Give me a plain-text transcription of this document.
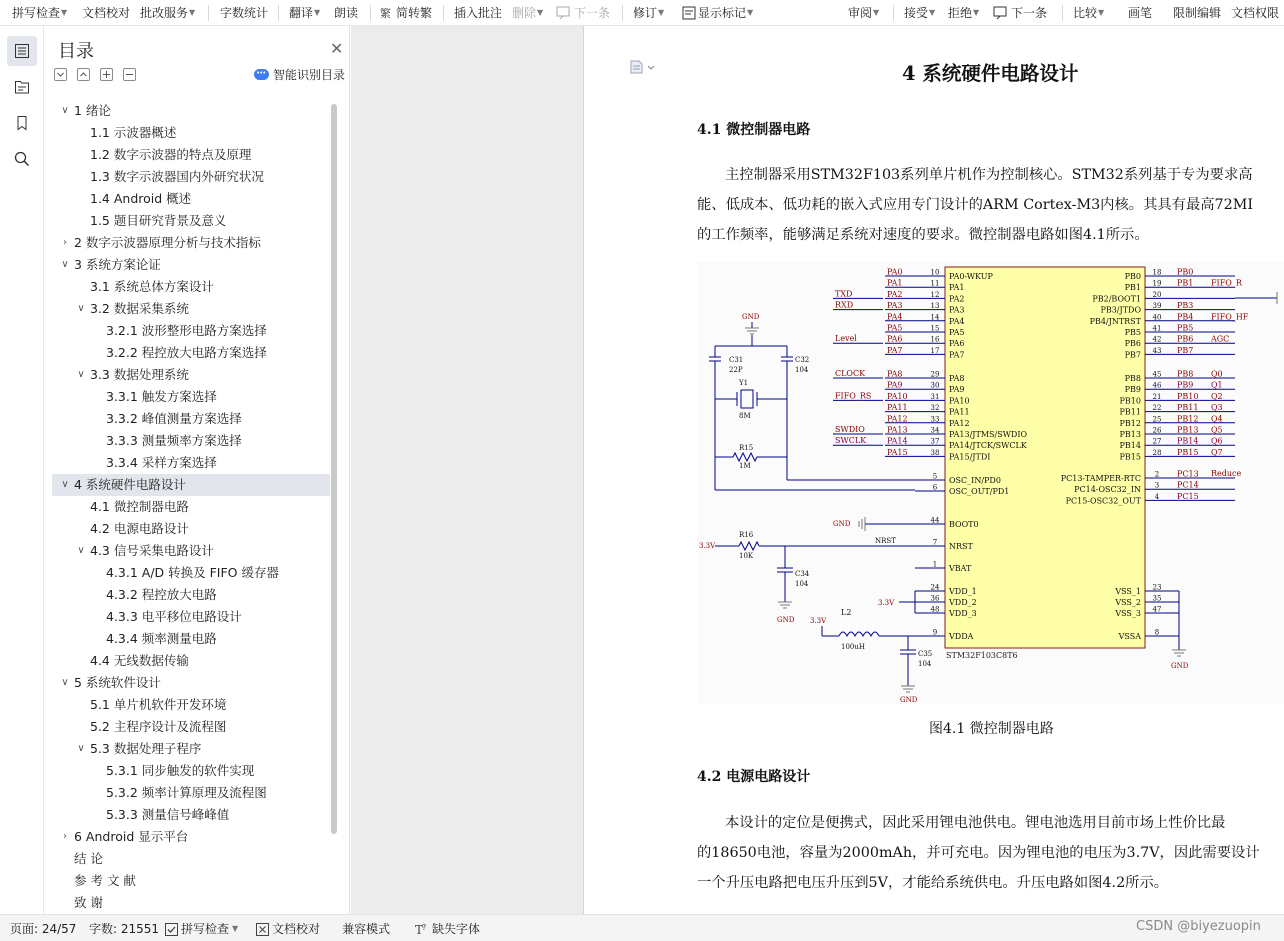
拼写检查▼ 文档校对 批改服务▼ 字数统计 翻译▼ 朗读 繁 简转繁 插入批注 删除▼	下一条 修订▼	显示标记▼	审阅▼ 接受▼ 拒绝▼	下一条 比较▼ 画笔 限制编辑 文档权限
目录	✕
•••智能识别目录
∨ 1 绪论
1.1 示波器概述
1.2 数字示波器的特点及原理
1.3 数字示波器国内外研究状况
1.4 Android 概述
1.5 题目研究背景及意义
› 2 数字示波器原理分析与技术指标
∨ 3 系统方案论证
3.1 系统总体方案设计
∨ 3.2 数据采集系统
3.2.1 波形整形电路方案选择
3.2.2 程控放大电路方案选择
∨ 3.3 数据处理系统
3.3.1 触发方案选择
3.3.2 峰值测量方案选择
3.3.3 测量频率方案选择
3.3.4 采样方案选择
∨ 4 系统硬件电路设计
4.1 微控制器电路
4.2 电源电路设计
∨ 4.3 信号采集电路设计
4.3.1 A/D 转换及 FIFO 缓存器
4.3.2 程控放大电路
4.3.3 电平移位电路设计
4.3.4 频率测量电路
4.4 无线数据传输
∨ 5 系统软件设计
5.1 单片机软件开发环境
5.2 主程序设计及流程图
∨ 5.3 数据处理子程序
5.3.1 同步触发的软件实现
5.3.2 频率计算原理及流程图
5.3.3 测量信号峰峰值
› 6 Android 显示平台
结 论
参 考 文 献
致 谢
4 系统硬件电路设计
4.1 微控制器电路
主控制器采用STM32F103系列单片机作为控制核心。STM32系列基于专为要求高
能、低成本、低功耗的嵌入式应用专门设计的ARM Cortex-M3内核。其具有最高72MI
的工作频率，能够满足系统对速度的要求。微控制器电路如图4.1所示。
STM32F103C8T6
10 PA0-WKUP
PA0
11 PA1
PA1
12 PA2
PA2
TXD
13 PA3
PA3
RXD
14 PA4
PA4
15 PA5
PA5
16 PA6
PA6
Level
17 PA7
PA7
29 PA8
PA8
CLOCK
30 PA9
PA9
31 PA10
PA10
FIFO_RS
32 PA11
PA11
33 PA12
PA12
34 PA13/JTMS/SWDIO
PA13
SWDIO
37 PA14/JTCK/SWCLK
PA14
SWCLK
38 PA15/JTDI
PA15
18
PB0	PB0
19
PB1	PB1 FIFO_R
20
PB2/BOOT1
39
PB3/JTDO	PB3
40
PB4/JNTRST	PB4 FIFO_HF
41
PB5	PB5
42
PB6	PB6 AGC
43
PB7	PB7
45
PB8	PB8 Q0
46
PB9	PB9 Q1
21
PB10	PB10 Q2
22
PB11	PB11 Q3
25
PB12	PB12 Q4
26
PB13	PB13 Q5
27
PB14	PB14 Q6
28
PB15	PB15 Q7
2
PC13-TAMPER-RTC	PC13 Reduce
3
PC14-OSC32_IN	PC14
4
PC15-OSC32_OUT	PC15
5 OSC_IN/PD0
6 OSC_OUT/PD1
44 BOOT0
7 NRST
1 VBAT
24 VDD_1
36 VDD_2
48 VDD_3
9 VDDA
23
VSS_1
35
VSS_2
47
VSS_3
8
VSSA
GND
GND
C31
22P
C32
104
Y1
8M
R15
1M
GND
3.3V
R16
10K
NRST
C34
104
GND
3.3V
3.3V
L2
100uH
C35
104
GND
图4.1 微控制器电路
4.2 电源电路设计
本设计的定位是便携式，因此采用锂电池供电。锂电池选用目前市场上性价比最
的18650电池，容量为2000mAh，并可充电。因为锂电池的电压为3.7V，因此需要设计
一个升压电路把电压升压到5V，才能给系统供电。升压电路如图4.2所示。
页面: 24/57 字数: 21551	拼写检查 ▼	文档校对 兼容模式 T
? 缺失字体	CSDN @biyezuopin
